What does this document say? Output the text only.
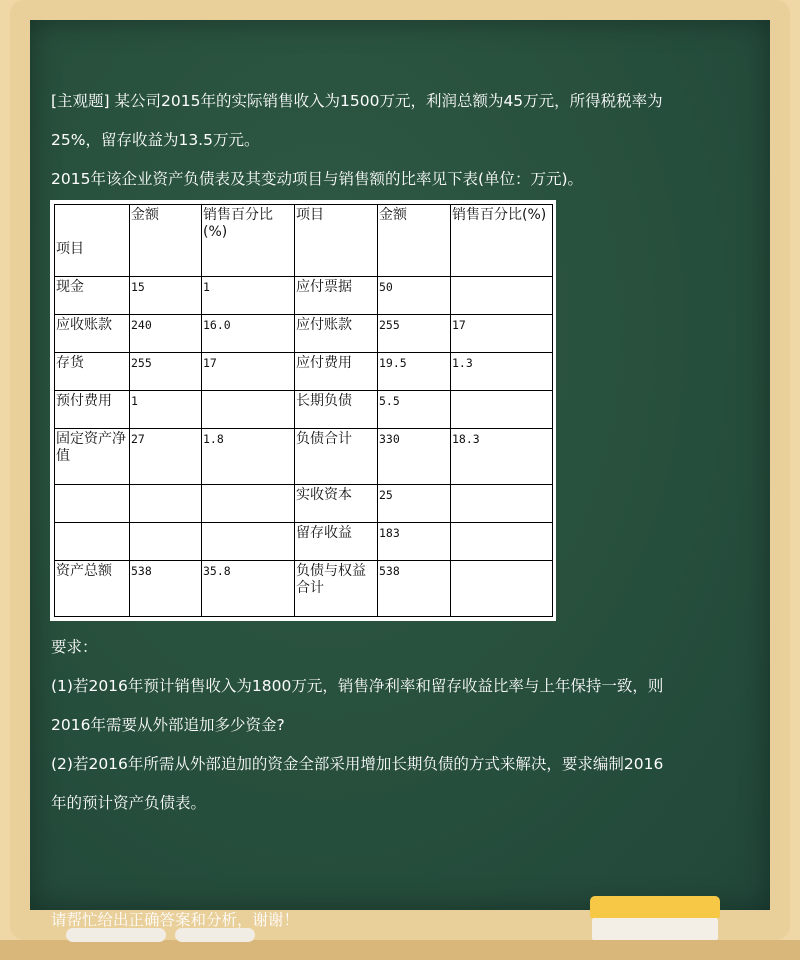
[主观题] 某公司2015年的实际销售收入为1500万元，利润总额为45万元，所得税税率为

25%，留存收益为13.5万元。

2015年该企业资产负债表及其变动项目与销售额的比率见下表(单位：万元)。

项目	金额	销售百分比(%)	项目	金额	销售百分比(%)
现金	15	1	应付票据	50	
应收账款	240	16.0	应付账款	255	17
存货	255	17	应付费用	19.5	1.3
预付费用	1		长期负债	5.5	
固定资产净值	27	1.8	负债合计	330	18.3
			实收资本	25	
			留存收益	183	
资产总额	538	35.8	负债与权益合计	538	

要求：

(1)若2016年预计销售收入为1800万元，销售净利率和留存收益比率与上年保持一致，则

2016年需要从外部追加多少资金?

(2)若2016年所需从外部追加的资金全部采用增加长期负债的方式来解决，要求编制2016

年的预计资产负债表。

请帮忙给出正确答案和分析，谢谢！
